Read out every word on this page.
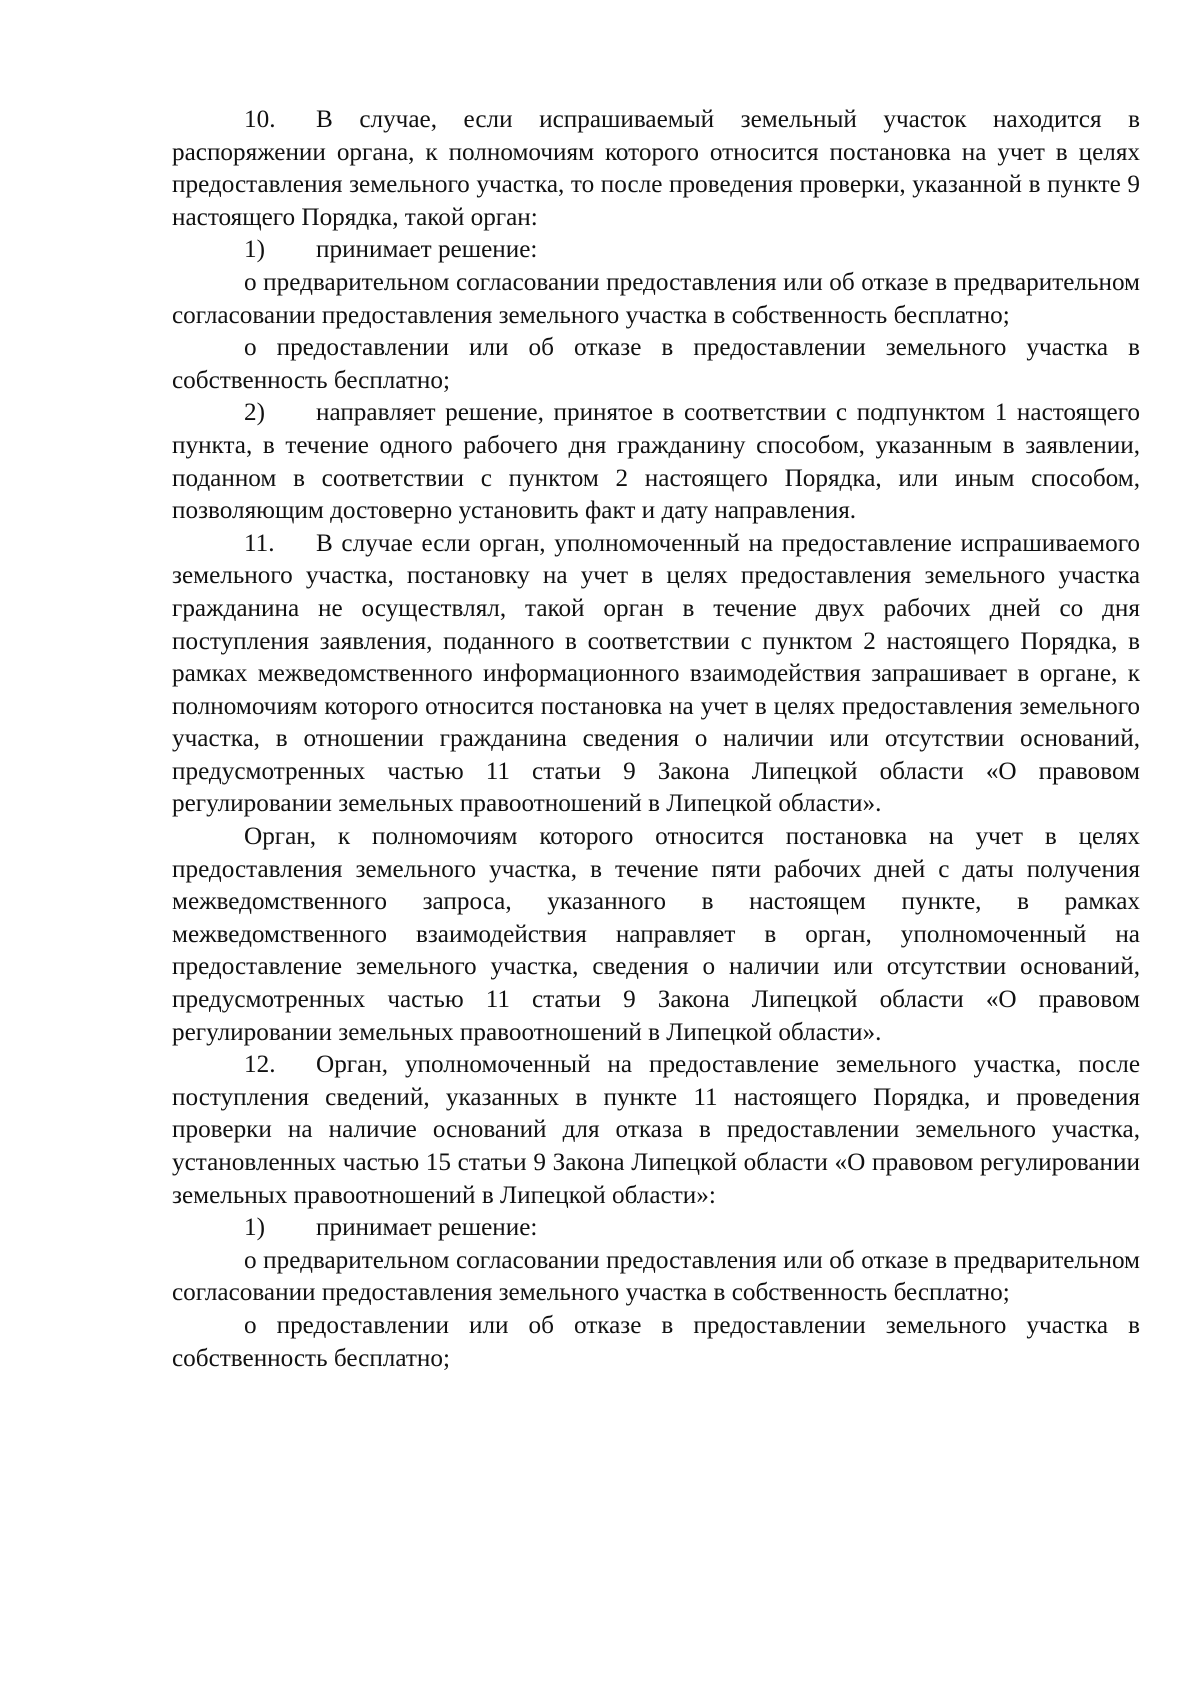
10. В случае, если испрашиваемый земельный участок находится в распоряжении органа, к полномочиям которого относится постановка на учет в целях предоставления земельного участка, то после проведения проверки, указанной в пункте 9 настоящего Порядка, такой орган:

1) принимает решение:

о предварительном согласовании предоставления или об отказе в предварительном согласовании предоставления земельного участка в собственность бесплатно;

о предоставлении или об отказе в предоставлении земельного участка в собственность бесплатно;

2) направляет решение, принятое в соответствии с подпунктом 1 настоящего пункта, в течение одного рабочего дня гражданину способом, указанным в заявлении, поданном в соответствии с пунктом 2 настоящего Порядка, или иным способом, позволяющим достоверно установить факт и дату направления.

11. В случае если орган, уполномоченный на предоставление испрашиваемого земельного участка, постановку на учет в целях предоставления земельного участка гражданина не осуществлял, такой орган в течение двух рабочих дней со дня поступления заявления, поданного в соответствии с пунктом 2 настоящего Порядка, в рамках межведомственного информационного взаимодействия запрашивает в органе, к полномочиям которого относится постановка на учет в целях предоставления земельного участка, в отношении гражданина сведения о наличии или отсутствии оснований, предусмотренных частью 11 статьи 9 Закона Липецкой области «О правовом регулировании земельных правоотношений в Липецкой области».

Орган, к полномочиям которого относится постановка на учет в целях предоставления земельного участка, в течение пяти рабочих дней с даты получения межведомственного запроса, указанного в настоящем пункте, в рамках межведомственного взаимодействия направляет в орган, уполномоченный на предоставление земельного участка, сведения о наличии или отсутствии оснований, предусмотренных частью 11 статьи 9 Закона Липецкой области «О правовом регулировании земельных правоотношений в Липецкой области».

12. Орган, уполномоченный на предоставление земельного участка, после поступления сведений, указанных в пункте 11 настоящего Порядка, и проведения проверки на наличие оснований для отказа в предоставлении земельного участка, установленных частью 15 статьи 9 Закона Липецкой области «О правовом регулировании земельных правоотношений в Липецкой области»:

1) принимает решение:

о предварительном согласовании предоставления или об отказе в предварительном согласовании предоставления земельного участка в собственность бесплатно;

о предоставлении или об отказе в предоставлении земельного участка в собственность бесплатно;
